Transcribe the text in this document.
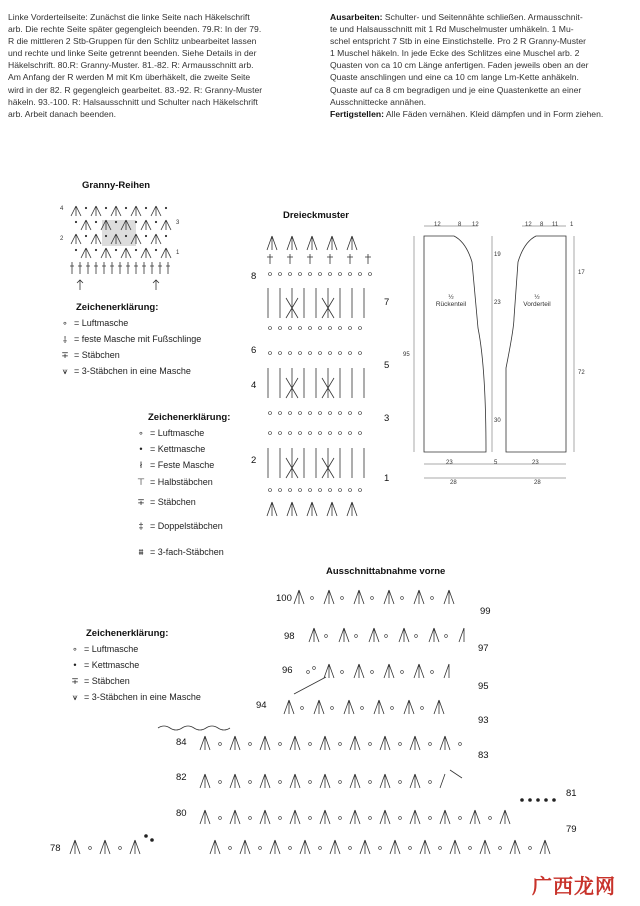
Linke Vorderteilseite: Zunächst die linke Seite nach Häkelschrift
arb. Die rechte Seite später gegengleich beenden. 79.R: In der 79.
R die mittleren 2 Stb-Gruppen für den Schlitz unbearbeitet lassen
und rechte und linke Seite getrennt beenden. Siehe Details in der
Häkelschrift. 80.R: Granny-Muster. 81.-82. R: Armausschnitt arb.
Am Anfang der R werden M mit Km überhäkelt, die zweite Seite
wird in der 82. R gegengleich gearbeitet. 83.-92. R: Granny-Muster
häkeln. 93.-100. R: Halsausschnitt und Schulter nach Häkelschrift
arb. Arbeit danach beenden.
Ausarbeiten: Schulter- und Seitennähte schließen. Armausschnit-
te und Halsausschnitt mit 1 Rd Muschelmuster umhäkeln. 1 Mu-
schel entspricht 7 Stb in eine Einstichstelle. Pro 2 R Granny-Muster
1 Muschel häkeln. In jede Ecke des Schlitzes eine Muschel arb. 2
Quasten von ca 10 cm Länge anfertigen. Faden jeweils oben an der
Quaste anschlingen und eine ca 10 cm lange Lm-Kette anhäkeln.
Quaste auf ca 8 cm begradigen und je eine Quastenkette an einer
Ausschnittecke annähen.
Fertigstellen: Alle Fäden vernähen. Kleid dämpfen und in Form ziehen.
Granny-Reihen
4
2
3
1
Zeichenerklärung:
∘ = Luftmasche
⸸ = feste Masche mit Fußschlinge
∓ = Stäbchen
⩛ = 3-Stäbchen in eine Masche
Zeichenerklärung:
∘ = Luftmasche
• = Kettmasche
ł = Feste Masche
⊤ = Halbstäbchen
∓ = Stäbchen
‡ = Doppelstäbchen
⩩ = 3-fach-Stäbchen
Dreieckmuster
8
6
4
2
7
5
3
1
12	8 12	12 8 11 1
95
19
23
30
17
72
½
Rückenteil
½
Vorderteil
23	5	23
28	28
Ausschnittabnahme vorne
100
98
96
94
84
82
80
78
99
97
95
93
83
81
79
Zeichenerklärung:
∘ = Luftmasche
• = Kettmasche
∓ = Stäbchen
⩛ = 3-Stäbchen in eine Masche
广西龙网
